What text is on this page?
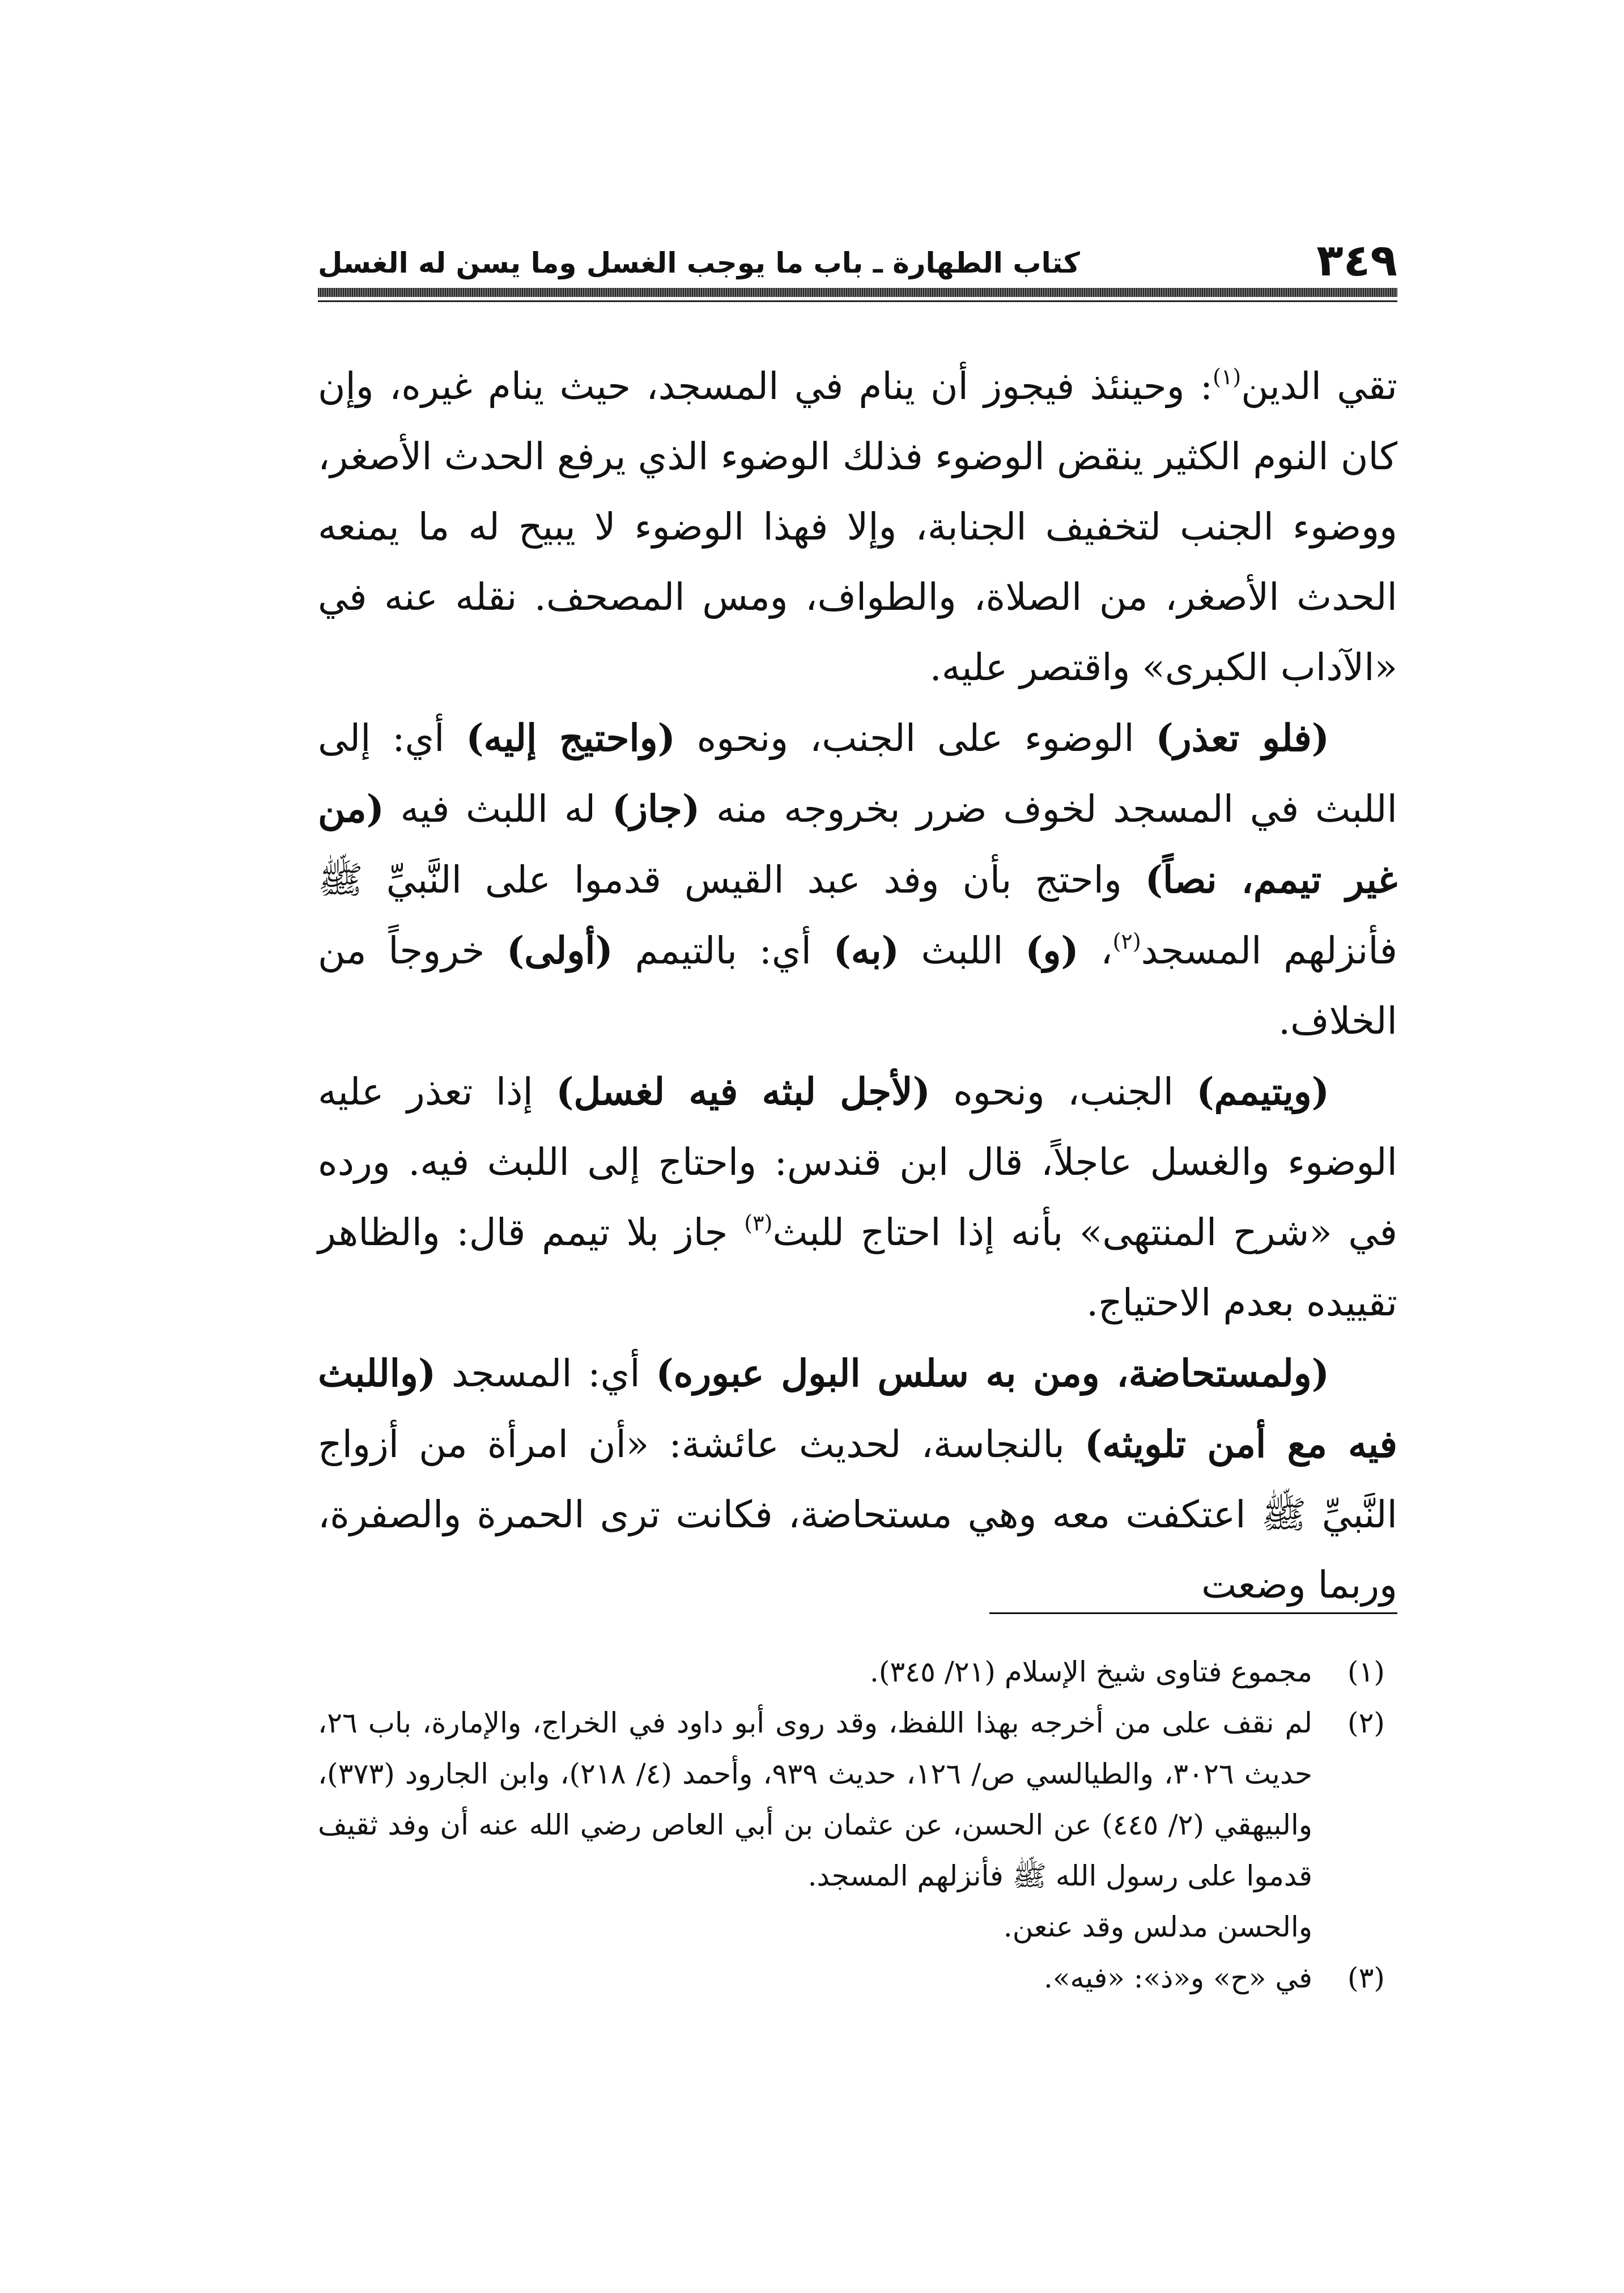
٣٤٩
كتاب الطهارة ـ باب ما يوجب الغسل وما يسن له الغسل

تقي الدين$^{(١)}$: وحينئذ فيجوز أن ينام في المسجد، حيث ينام غيره، وإن كان النوم الكثير ينقض الوضوء فذلك الوضوء الذي يرفع الحدث الأصغر، ووضوء الجنب لتخفيف الجنابة، وإلا فهذا الوضوء لا يبيح له ما يمنعه الحدث الأصغر، من الصلاة، والطواف، ومس المصحف. نقله عنه في «الآداب الكبرى» واقتصر عليه.

(فلو تعذر) الوضوء على الجنب، ونحوه (واحتيج إليه) أي: إلى اللبث في المسجد لخوف ضرر بخروجه منه (جاز) له اللبث فيه (من غير تيمم، نصاً) واحتج بأن وفد عبد القيس قدموا على النَّبيِّ ﷺ فأنزلهم المسجد$^{(٢)}$، (و) اللبث (به) أي: بالتيمم (أولى) خروجاً من الخلاف.

(ويتيمم) الجنب، ونحوه (لأجل لبثه فيه لغسل) إذا تعذر عليه الوضوء والغسل عاجلاً، قال ابن قندس: واحتاج إلى اللبث فيه. ورده في «شرح المنتهى» بأنه إذا احتاج للبث$^{(٣)}$ جاز بلا تيمم قال: والظاهر تقييده بعدم الاحتياج.

(ولمستحاضة، ومن به سلس البول عبوره) أي: المسجد (واللبث فيه مع أمن تلويثه) بالنجاسة، لحديث عائشة: «أن امرأة من أزواج النَّبيِّ ﷺ اعتكفت معه وهي مستحاضة، فكانت ترى الحمرة والصفرة، وربما وضعت

(١)

مجموع فتاوى شيخ الإسلام (٢١/ ٣٤٥).

(٢)

لم نقف على من أخرجه بهذا اللفظ، وقد روى أبو داود في الخراج، والإمارة، باب ٢٦، حديث ٣٠٢٦، والطيالسي ص/ ١٢٦، حديث ٩٣٩، وأحمد (٤/ ٢١٨)، وابن الجارود (٣٧٣)، والبيهقي (٢/ ٤٤٥) عن الحسن، عن عثمان بن أبي العاص رضي الله عنه أن وفد ثقيف قدموا على رسول الله ﷺ فأنزلهم المسجد.

والحسن مدلس وقد عنعن.

(٣)

في «ح» و«ذ»: «فيه».
